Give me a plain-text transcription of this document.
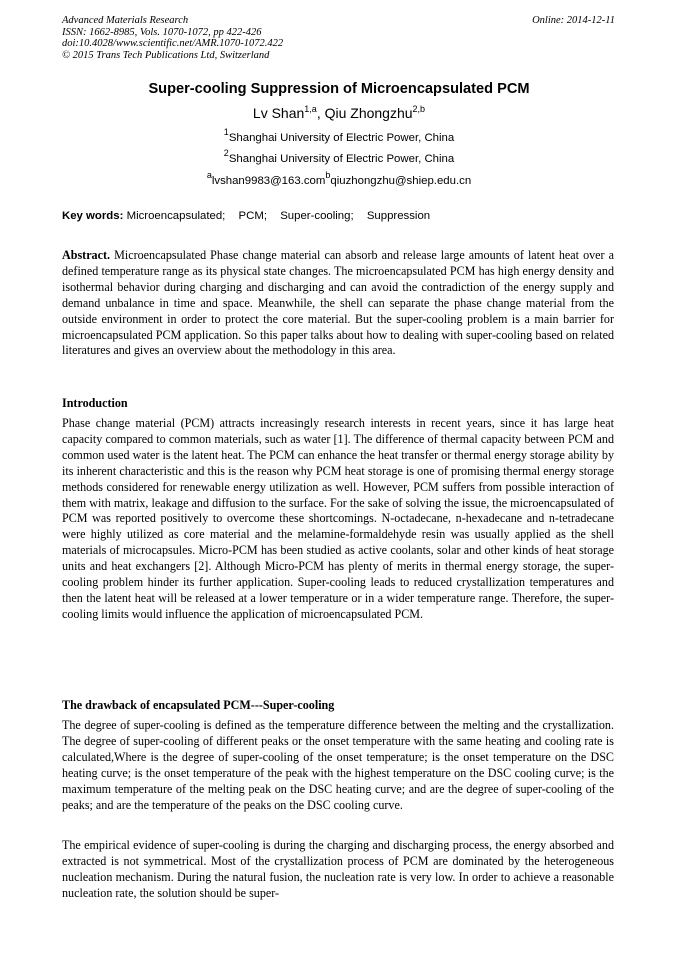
Advanced Materials Research
ISSN: 1662-8985, Vols. 1070-1072, pp 422-426
doi:10.4028/www.scientific.net/AMR.1070-1072.422
© 2015 Trans Tech Publications Ltd, Switzerland
Online: 2014-12-11
Super-cooling Suppression of Microencapsulated PCM
Lv Shan$^{1,a}$, Qiu Zhongzhu$^{2,b}$
$^1$Shanghai University of Electric Power, China
$^2$Shanghai University of Electric Power, China
$^a$lvshan9983@163.com$^b$qiuzhongzhu@shiep.edu.cn
Key words: Microencapsulated; PCM; Super-cooling; Suppression
Abstract. Microencapsulated Phase change material can absorb and release large amounts of latent heat over a defined temperature range as its physical state changes. The microencapsulated PCM has high energy density and isothermal behavior during charging and discharging and can avoid the contradiction of the energy supply and demand unbalance in time and space. Meanwhile, the shell can separate the phase change material from the outside environment in order to protect the core material. But the super-cooling problem is a main barrier for microencapsulated PCM application. So this paper talks about how to dealing with super-cooling based on related literatures and gives an overview about the methodology in this area.
Introduction
Phase change material (PCM) attracts increasingly research interests in recent years, since it has large heat capacity compared to common materials, such as water [1]. The difference of thermal capacity between PCM and common used water is the latent heat. The PCM can enhance the heat transfer or thermal energy storage ability by its inherent characteristic and this is the reason why PCM heat storage is one of promising thermal energy storage methods considered for renewable energy utilization as well. However, PCM suffers from possible interaction of them with matrix, leakage and diffusion to the surface. For the sake of solving the issue, the microencapsulated of PCM was reported positively to overcome these shortcomings. N-octadecane, n-hexadecane and n-tetradecane were highly utilized as core material and the melamine-formaldehyde resin was usually applied as the shell materials of microcapsules. Micro-PCM has been studied as active coolants, solar and other kinds of heat storage units and heat exchangers [2]. Although Micro-PCM has plenty of merits in thermal energy storage, the super-cooling problem hinder its further application. Super-cooling leads to reduced crystallization temperatures and then the latent heat will be released at a lower temperature or in a wider temperature range. Therefore, the super-cooling limits would influence the application of microencapsulated PCM.
The drawback of encapsulated PCM---Super-cooling
The degree of super-cooling is defined as the temperature difference between the melting and the crystallization. The degree of super-cooling of different peaks or the onset temperature with the same heating and cooling rate is calculated,Where is the degree of super-cooling of the onset temperature; is the onset temperature on the DSC heating curve; is the onset temperature of the peak with the highest temperature on the DSC cooling curve; is the maximum temperature of the melting peak on the DSC heating curve; and are the degree of super-cooling of the peaks; and are the temperature of the peaks on the DSC cooling curve.
The empirical evidence of super-cooling is during the charging and discharging process, the energy absorbed and extracted is not symmetrical. Most of the crystallization process of PCM are dominated by the heterogeneous nucleation mechanism. During the natural fusion, the nucleation rate is very low. In order to achieve a reasonable nucleation rate, the solution should be super-
